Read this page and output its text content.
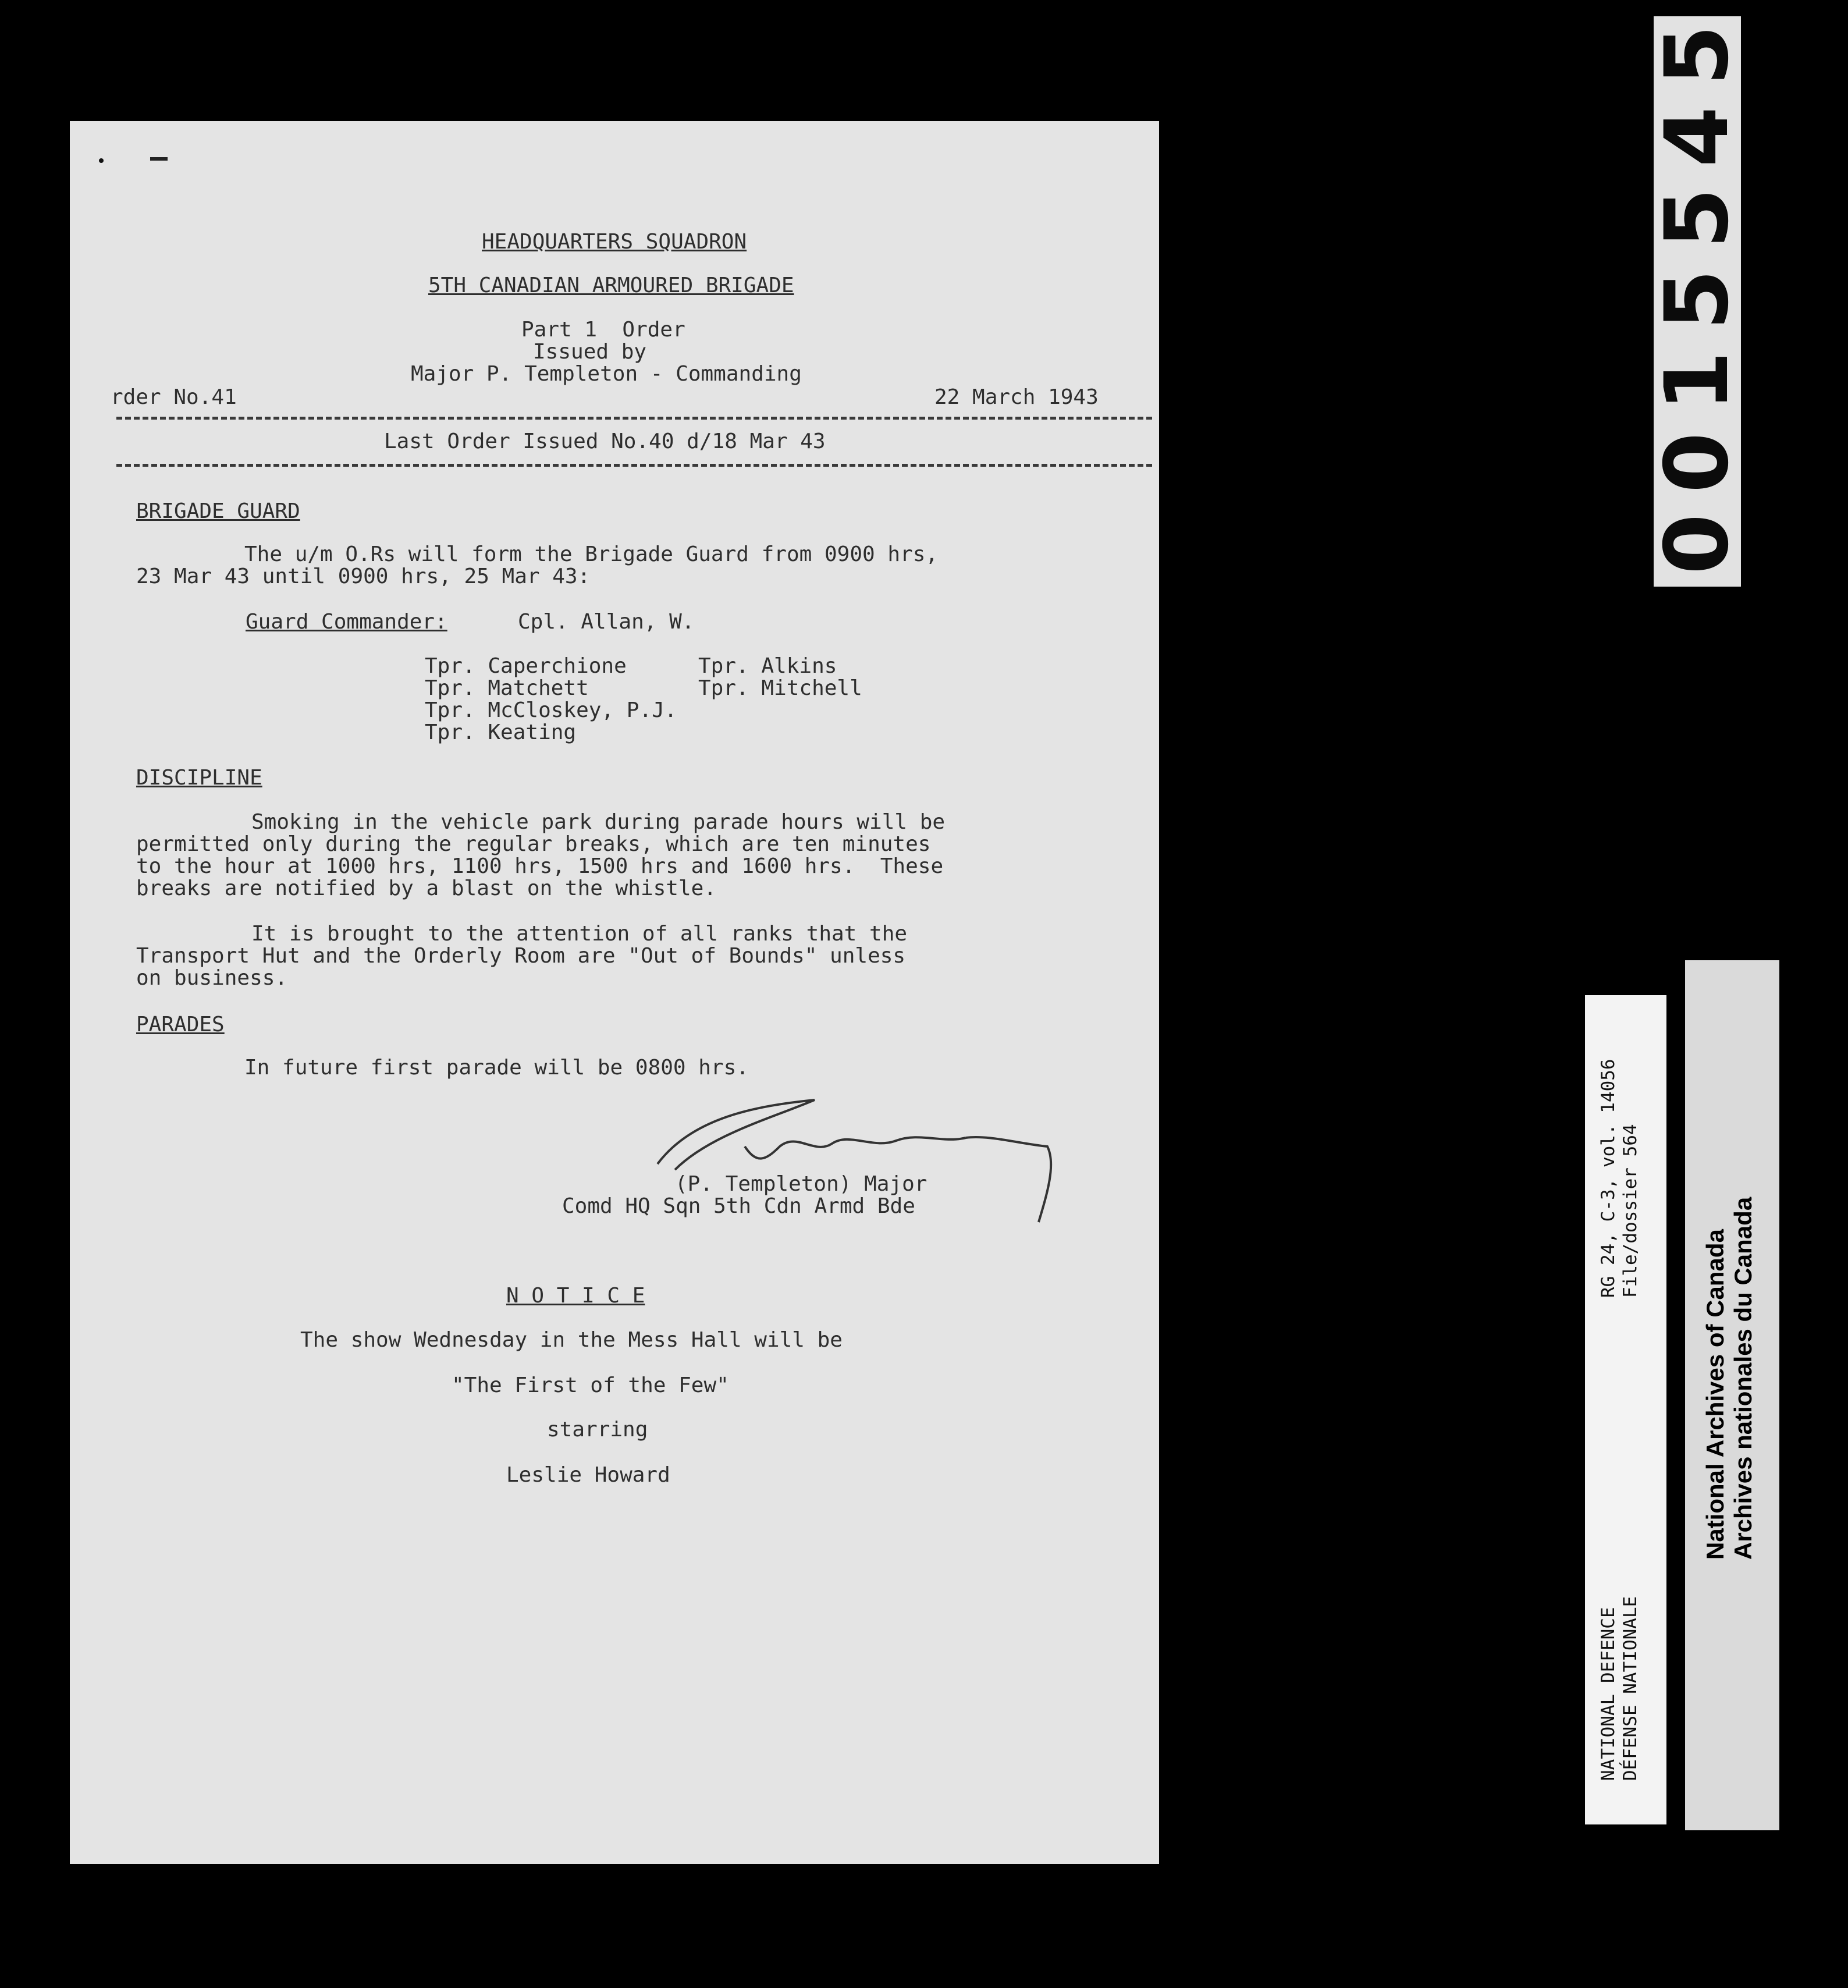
HEADQUARTERS SQUADRON
5TH CANADIAN ARMOURED BRIGADE
Part 1  Order
Issued by
Major P. Templeton - Commanding
rder No.41	22 March 1943
Last Order Issued No.40 d/18 Mar 43
BRIGADE GUARD
The u/m O.Rs will form the Brigade Guard from 0900 hrs,
23 Mar 43 until 0900 hrs, 25 Mar 43:
Guard Commander:	Cpl. Allan, W.
Tpr. Caperchione	Tpr. Alkins
Tpr. Matchett	Tpr. Mitchell
Tpr. McCloskey, P.J.
Tpr. Keating
DISCIPLINE
Smoking in the vehicle park during parade hours will be
permitted only during the regular breaks, which are ten minutes
to the hour at 1000 hrs, 1100 hrs, 1500 hrs and 1600 hrs.  These
breaks are notified by a blast on the whistle.
It is brought to the attention of all ranks that the
Transport Hut and the Orderly Room are "Out of Bounds" unless
on business.
PARADES
In future first parade will be 0800 hrs.
(P. Templeton) Major
Comd HQ Sqn 5th Cdn Armd Bde
N O T I C E
The show Wednesday in the Mess Hall will be
"The First of the Few"
starring
Leslie Howard
0
0
1
5
5
4
5
RG 24, C-3, vol. 14056 File/dossier 564
NATIONAL DEFENCE DÉFENSE NATIONALE
National Archives of Canada Archives nationales du Canada
